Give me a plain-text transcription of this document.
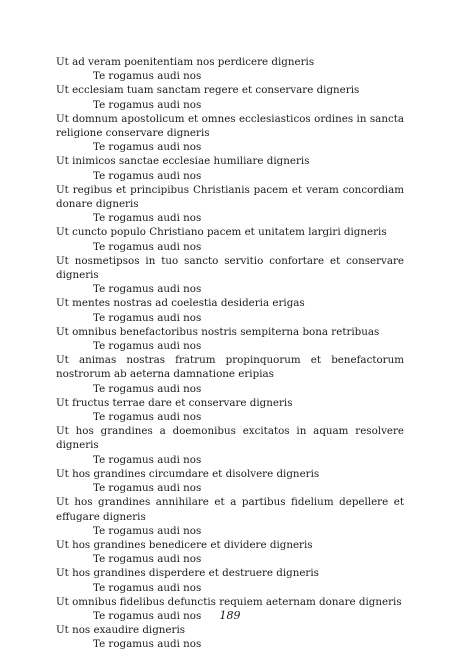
Ut ad veram poenitentiam nos perdicere digneris

Te rogamus audi nos

Ut ecclesiam tuam sanctam regere et conservare digneris

Te rogamus audi nos

Ut domnum apostolicum et omnes ecclesiasticos ordines in sancta religione conservare digneris

Te rogamus audi nos

Ut inimicos sanctae ecclesiae humiliare digneris

Te rogamus audi nos

Ut regibus et principibus Christianis pacem et veram concordiam donare digneris

Te rogamus audi nos

Ut cuncto populo Christiano pacem et unitatem largiri digneris

Te rogamus audi nos

Ut nosmetipsos in tuo sancto servitio confortare et conservare digneris

Te rogamus audi nos

Ut mentes nostras ad coelestia desideria erigas

Te rogamus audi nos

Ut omnibus benefactoribus nostris sempiterna bona retribuas

Te rogamus audi nos

Ut animas nostras fratrum propinquorum et benefactorum nostrorum ab aeterna damnatione eripias

Te rogamus audi nos

Ut fructus terrae dare et conservare digneris

Te rogamus audi nos

Ut hos grandines a doemonibus excitatos in aquam resolvere digneris

Te rogamus audi nos

Ut hos grandines circumdare et disolvere digneris

Te rogamus audi nos

Ut hos grandines annihilare et a partibus fidelium depellere et effugare digneris

Te rogamus audi nos

Ut hos grandines benedicere et dividere digneris

Te rogamus audi nos

Ut hos grandines disperdere et destruere digneris

Te rogamus audi nos

Ut omnibus fidelibus defunctis requiem aeternam donare digneris

Te rogamus audi nos

Ut nos exaudire digneris

Te rogamus audi nos

189
